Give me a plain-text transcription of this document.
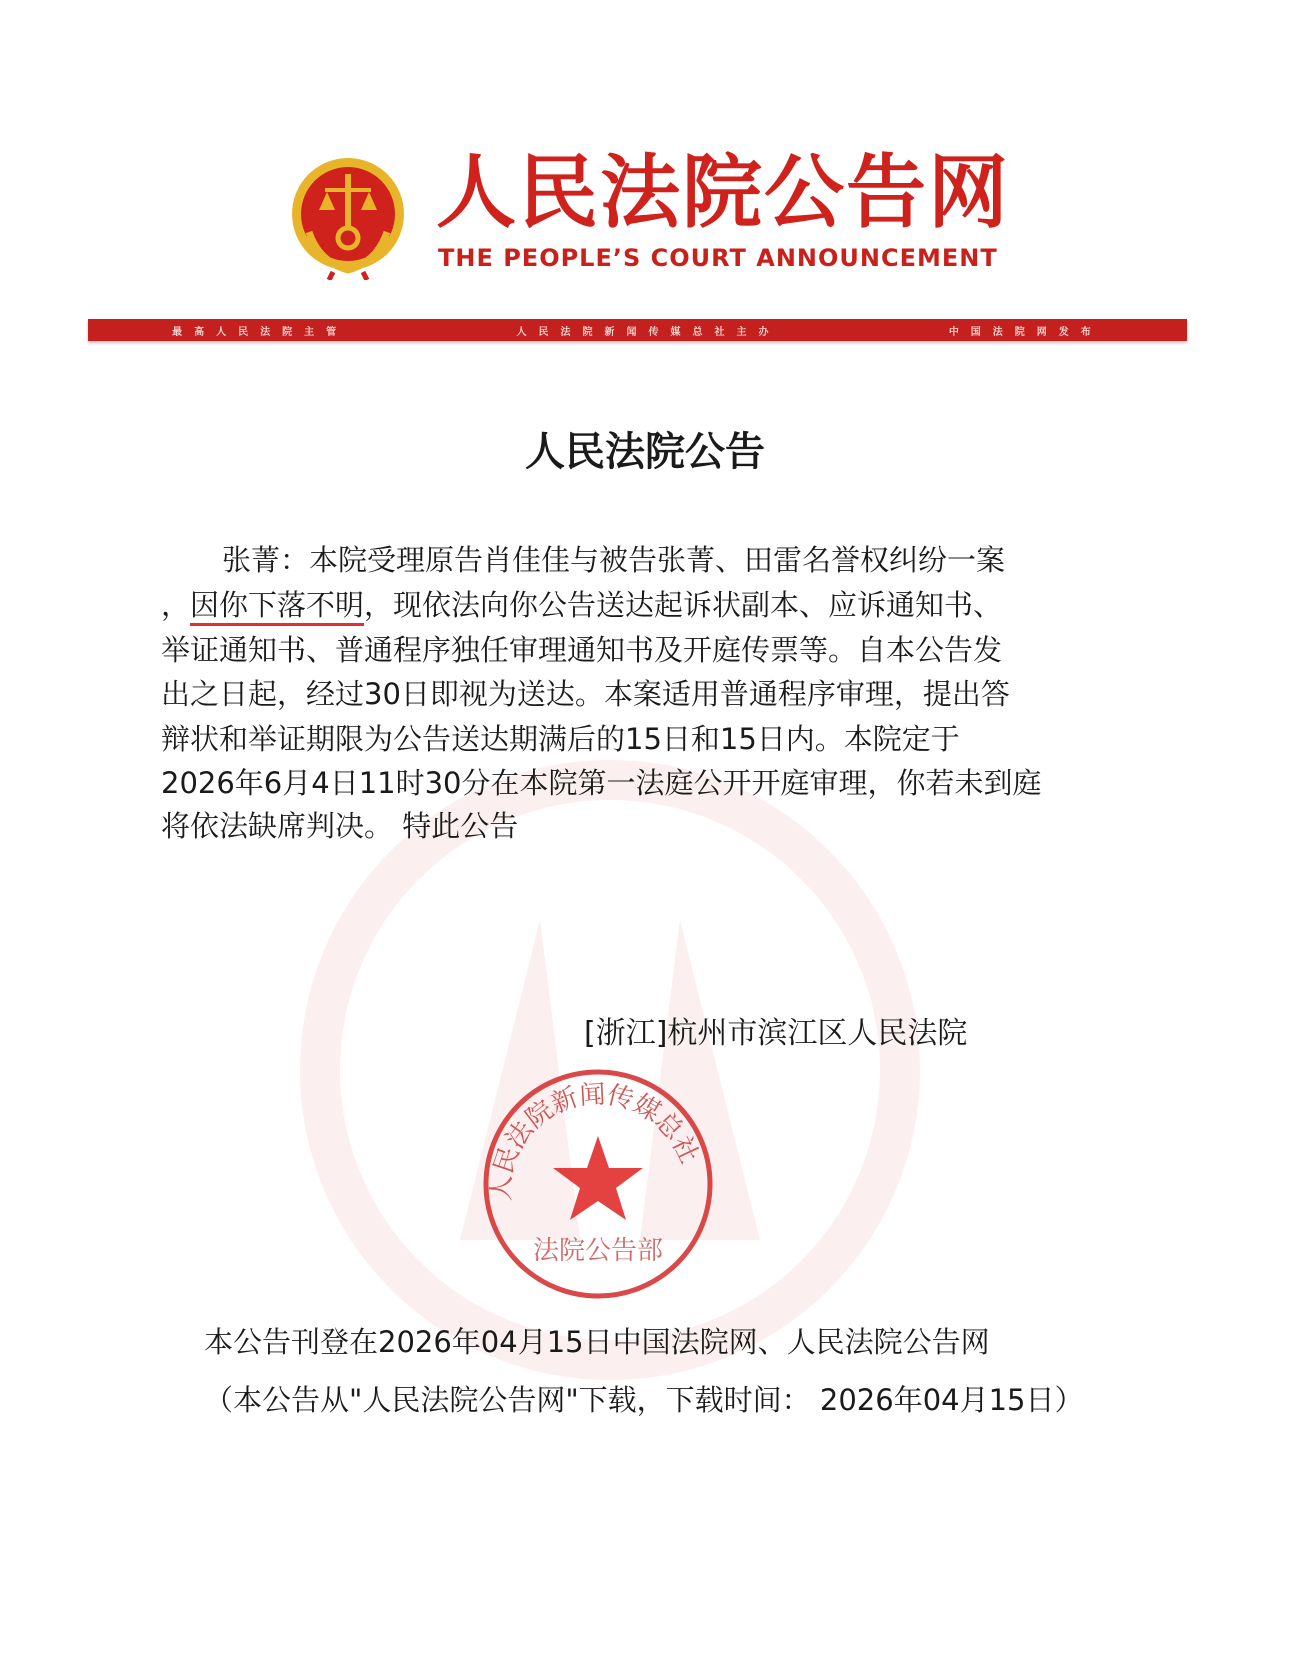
人民法院公告网
THE PEOPLE’S COURT ANNOUNCEMENT
最高人民法院主管	人民法院新闻传媒总社主办	中国法院网发布
人民法院公告
张菁：本院受理原告肖佳佳与被告张菁、田雷名誉权纠纷一案
，因你下落不明，现依法向你公告送达起诉状副本、应诉通知书、
举证通知书、普通程序独任审理通知书及开庭传票等。自本公告发
出之日起，经过30日即视为送达。本案适用普通程序审理，提出答
辩状和举证期限为公告送达期满后的15日和15日内。本院定于
2026年6月4日11时30分在本院第一法庭公开开庭审理，你若未到庭
将依法缺席判决。 特此公告
[浙江]杭州市滨江区人民法院
人民法院新闻传媒总社
法院公告部
本公告刊登在2026年04月15日中国法院网、人民法院公告网
（本公告从"人民法院公告网"下载，下载时间： 2026年04月15日）
